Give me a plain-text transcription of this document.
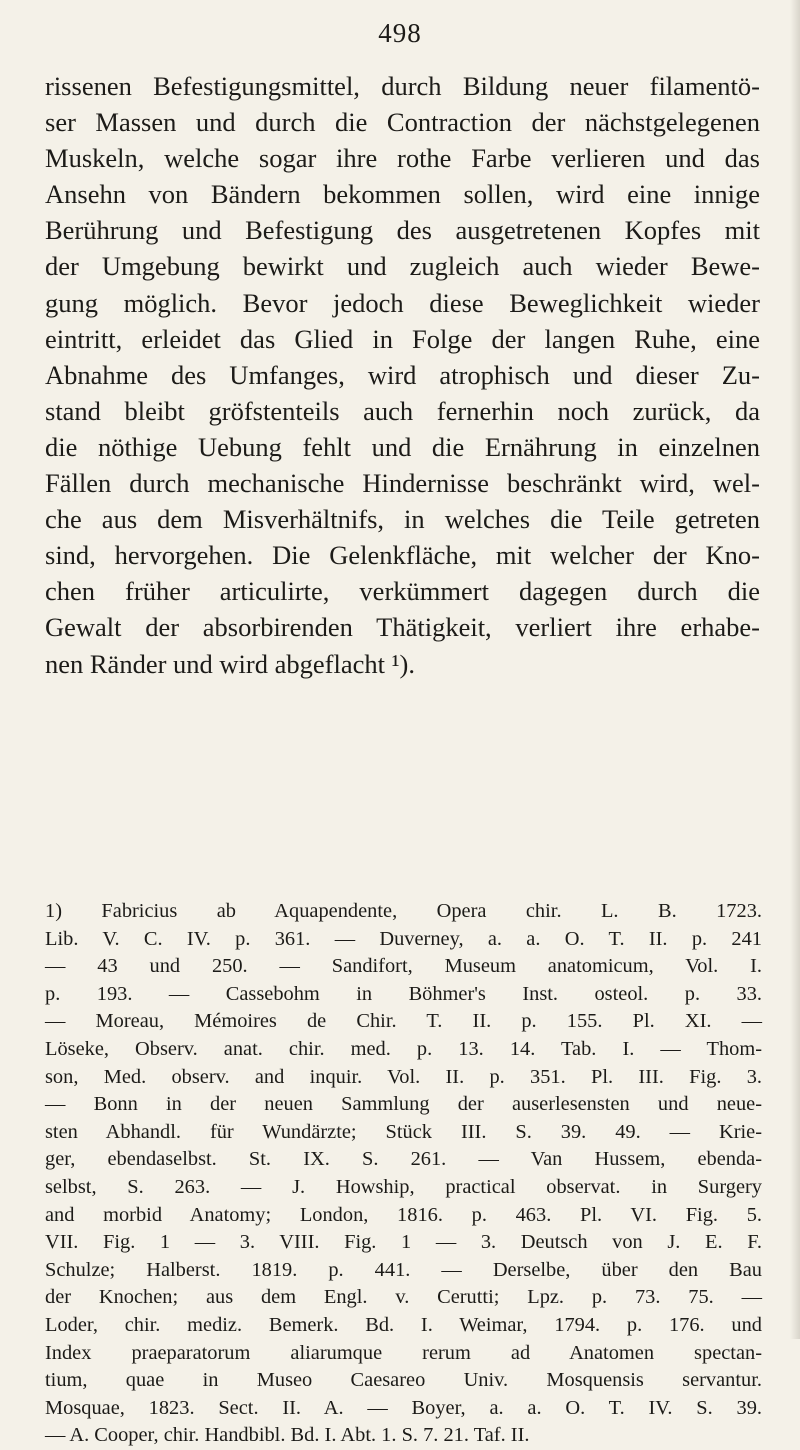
498
rissenen Befestigungsmittel, durch Bildung neuer filamentö-
ser Massen und durch die Contraction der nächstgelegenen
Muskeln, welche sogar ihre rothe Farbe verlieren und das
Ansehn von Bändern bekommen sollen, wird eine innige
Berührung und Befestigung des ausgetretenen Kopfes mit
der Umgebung bewirkt und zugleich auch wieder Bewe-
gung möglich. Bevor jedoch diese Beweglichkeit wieder
eintritt, erleidet das Glied in Folge der langen Ruhe, eine
Abnahme des Umfanges, wird atrophisch und dieser Zu-
stand bleibt gröfstenteils auch fernerhin noch zurück, da
die nöthige Uebung fehlt und die Ernährung in einzelnen
Fällen durch mechanische Hindernisse beschränkt wird, wel-
che aus dem Misverhältnifs, in welches die Teile getreten
sind, hervorgehen. Die Gelenkfläche, mit welcher der Kno-
chen früher articulirte, verkümmert dagegen durch die
Gewalt der absorbirenden Thätigkeit, verliert ihre erhabe-
nen Ränder und wird abgeflacht ¹).
1) Fabricius ab Aquapendente, Opera chir. L. B. 1723.
Lib. V. C. IV. p. 361. — Duverney, a. a. O. T. II. p. 241
— 43 und 250. — Sandifort, Museum anatomicum, Vol. I.
p. 193. — Cassebohm in Böhmer's Inst. osteol. p. 33.
— Moreau, Mémoires de Chir. T. II. p. 155. Pl. XI. —
Löseke, Observ. anat. chir. med. p. 13. 14. Tab. I. — Thom-
son, Med. observ. and inquir. Vol. II. p. 351. Pl. III. Fig. 3.
— Bonn in der neuen Sammlung der auserlesensten und neue-
sten Abhandl. für Wundärzte; Stück III. S. 39. 49. — Krie-
ger, ebendaselbst. St. IX. S. 261. — Van Hussem, ebenda-
selbst, S. 263. — J. Howship, practical observat. in Surgery
and morbid Anatomy; London, 1816. p. 463. Pl. VI. Fig. 5.
VII. Fig. 1 — 3. VIII. Fig. 1 — 3. Deutsch von J. E. F.
Schulze; Halberst. 1819. p. 441. — Derselbe, über den Bau
der Knochen; aus dem Engl. v. Cerutti; Lpz. p. 73. 75. —
Loder, chir. mediz. Bemerk. Bd. I. Weimar, 1794. p. 176. und
Index praeparatorum aliarumque rerum ad Anatomen spectan-
tium, quae in Museo Caesareo Univ. Mosquensis servantur.
Mosquae, 1823. Sect. II. A. — Boyer, a. a. O. T. IV. S. 39.
— A. Cooper, chir. Handbibl. Bd. I. Abt. 1. S. 7. 21. Taf. II.
